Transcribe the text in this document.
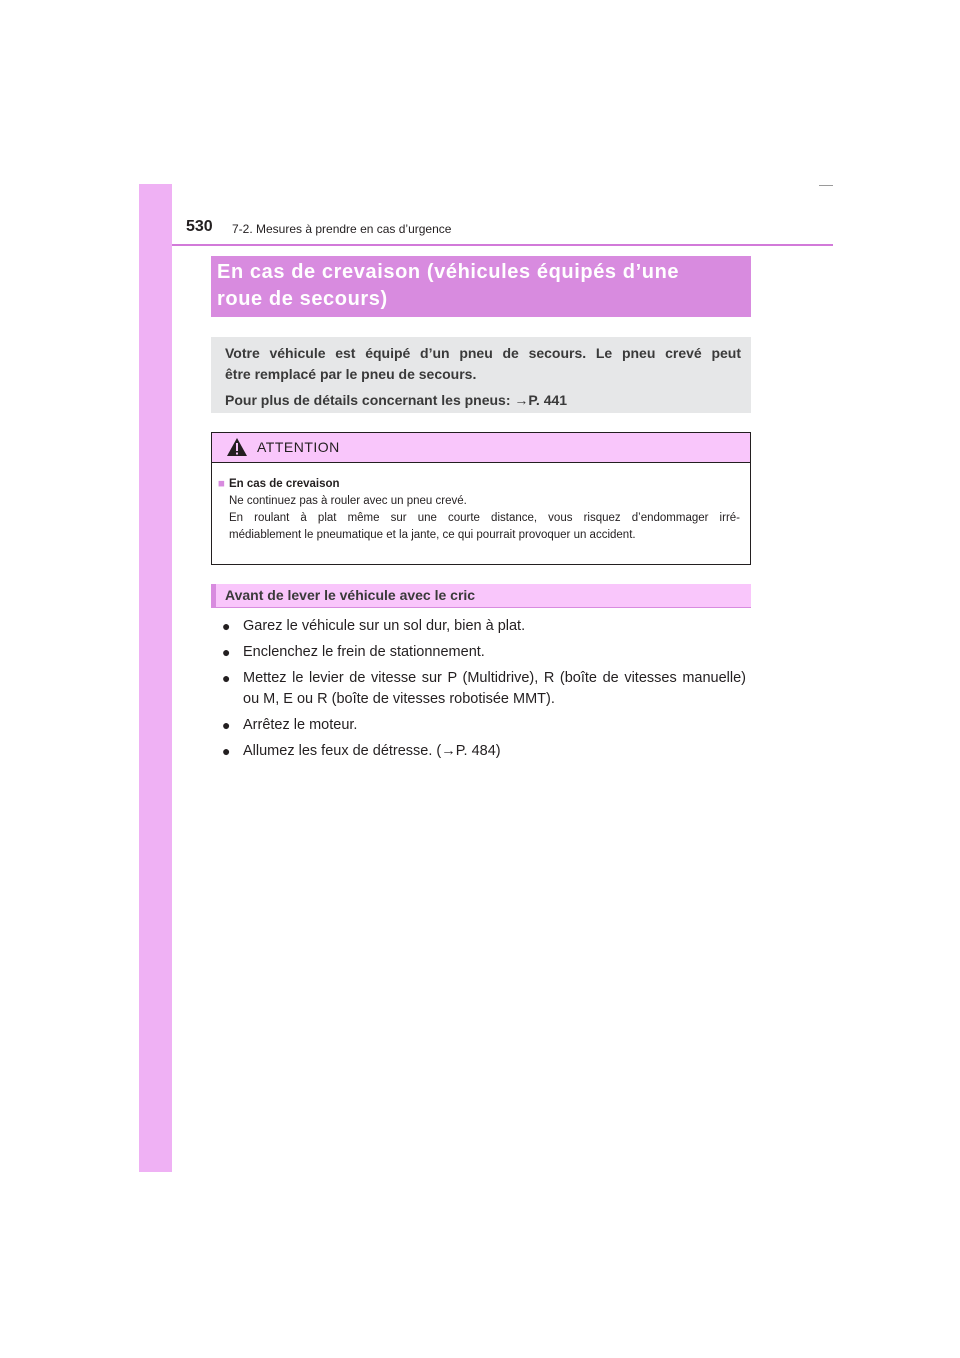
530 7-2. Mesures à prendre en cas d’urgence
En cas de crevaison (véhicules équipés d’une
roue de secours)

Votre véhicule est équipé d’un pneu de secours. Le pneu crevé peut

être remplacé par le pneu de secours.

Pour plus de détails concernant les pneus: →P. 441

ATTENTION
■ En cas de crevaison
Ne continuez pas à rouler avec un pneu crevé.
En roulant à plat même sur une courte distance, vous risquez d’endommager irré-
médiablement le pneumatique et la jante, ce qui pourrait provoquer un accident.
Avant de lever le véhicule avec le cric
● Garez le véhicule sur un sol dur, bien à plat.
● Enclenchez le frein de stationnement.
● Mettez le levier de vitesse sur P (Multidrive), R (boîte de vitesses manuelle) ou M, E ou R (boîte de vitesses robotisée MMT).
● Arrêtez le moteur.
● Allumez les feux de détresse. (→P. 484)
